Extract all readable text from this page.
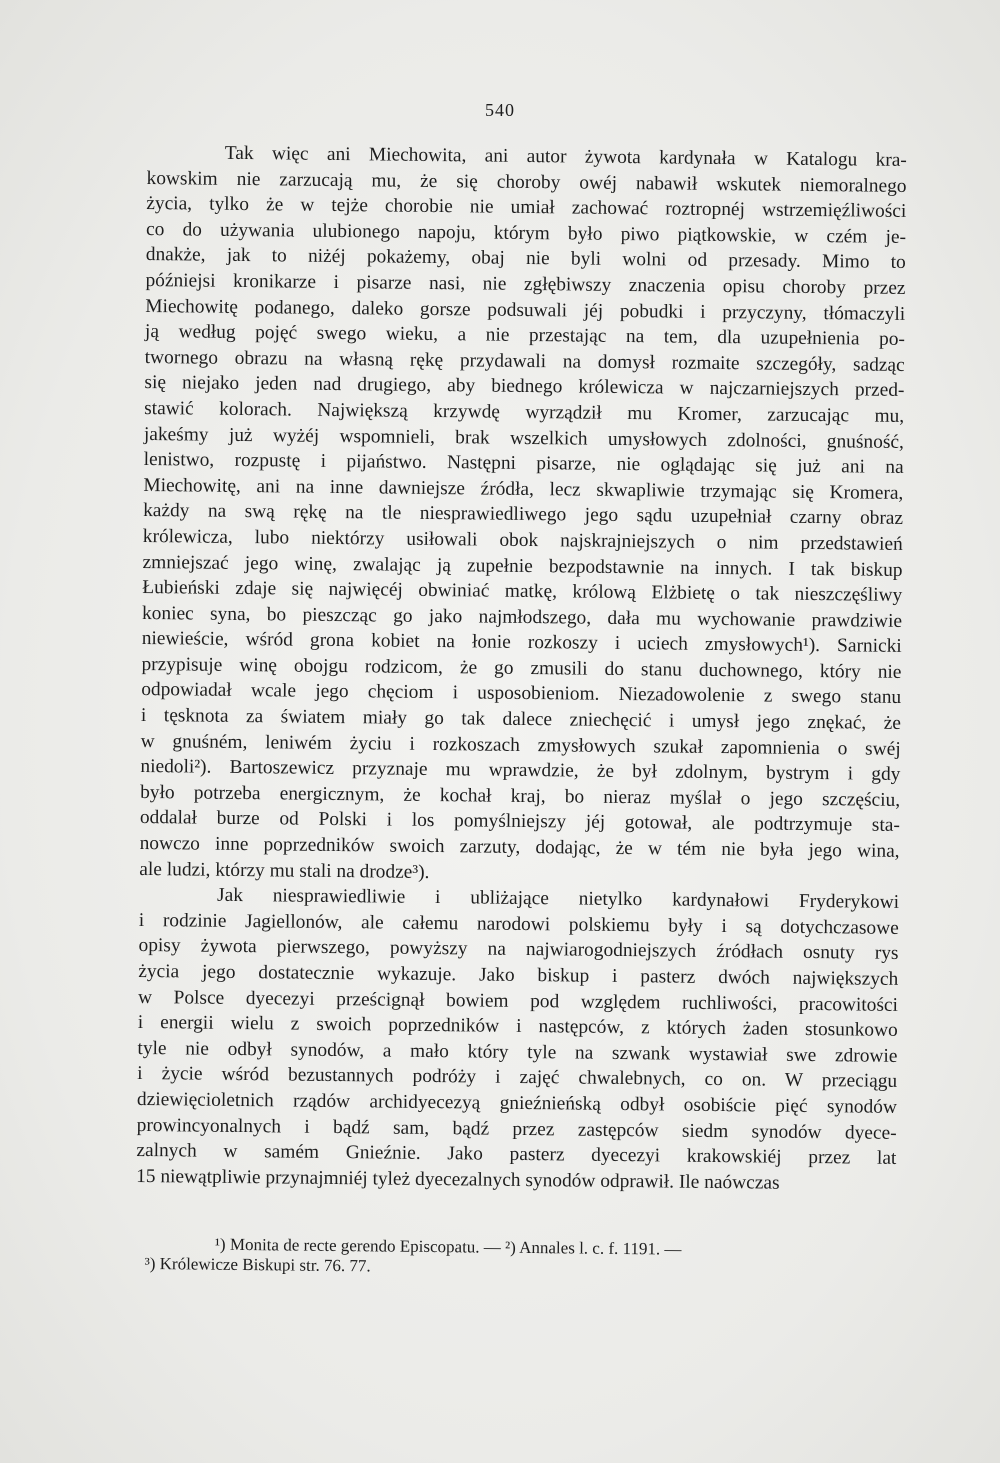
540
Tak więc ani Miechowita, ani autor żywota kardynała w Katalogu kra-
kowskim nie zarzucają mu, że się choroby owéj nabawił wskutek niemoralnego
życia, tylko że w tejże chorobie nie umiał zachować roztropnéj wstrzemięźliwości
co do używania ulubionego napoju, którym było piwo piątkowskie, w czém je-
dnakże, jak to niżéj pokażemy, obaj nie byli wolni od przesady. Mimo to
późniejsi kronikarze i pisarze nasi, nie zgłębiwszy znaczenia opisu choroby przez
Miechowitę podanego, daleko gorsze podsuwali jéj pobudki i przyczyny, tłómaczyli
ją według pojęć swego wieku, a nie przestając na tem, dla uzupełnienia po-
twornego obrazu na własną rękę przydawali na domysł rozmaite szczegóły, sadząc
się niejako jeden nad drugiego, aby biednego królewicza w najczarniejszych przed-
stawić kolorach. Największą krzywdę wyrządził mu Kromer, zarzucając mu,
jakeśmy już wyżéj wspomnieli, brak wszelkich umysłowych zdolności, gnuśność,
lenistwo, rozpustę i pijaństwo. Następni pisarze, nie oglądając się już ani na
Miechowitę, ani na inne dawniejsze źródła, lecz skwapliwie trzymając się Kromera,
każdy na swą rękę na tle niesprawiedliwego jego sądu uzupełniał czarny obraz
królewicza, lubo niektórzy usiłowali obok najskrajniejszych o nim przedstawień
zmniejszać jego winę, zwalając ją zupełnie bezpodstawnie na innych. I tak biskup
Łubieński zdaje się najwięcéj obwiniać matkę, królową Elżbietę o tak nieszczęśliwy
koniec syna, bo pieszcząc go jako najmłodszego, dała mu wychowanie prawdziwie
niewieście, wśród grona kobiet na łonie rozkoszy i uciech zmysłowych¹). Sarnicki
przypisuje winę obojgu rodzicom, że go zmusili do stanu duchownego, który nie
odpowiadał wcale jego chęciom i usposobieniom. Niezadowolenie z swego stanu
i tęsknota za światem miały go tak dalece zniechęcić i umysł jego znękać, że
w gnuśném, leniwém życiu i rozkoszach zmysłowych szukał zapomnienia o swéj
niedoli²). Bartoszewicz przyznaje mu wprawdzie, że był zdolnym, bystrym i gdy
było potrzeba energicznym, że kochał kraj, bo nieraz myślał o jego szczęściu,
oddalał burze od Polski i los pomyślniejszy jéj gotował, ale podtrzymuje sta-
nowczo inne poprzedników swoich zarzuty, dodając, że w tém nie była jego wina,
ale ludzi, którzy mu stali na drodze³).
Jak niesprawiedliwie i ubliżające nietylko kardynałowi Fryderykowi
i rodzinie Jagiellonów, ale całemu narodowi polskiemu były i są dotychczasowe
opisy żywota pierwszego, powyższy na najwiarogodniejszych źródłach osnuty rys
życia jego dostatecznie wykazuje. Jako biskup i pasterz dwóch największych
w Polsce dyecezyi prześcignął bowiem pod względem ruchliwości, pracowitości
i energii wielu z swoich poprzedników i następców, z których żaden stosunkowo
tyle nie odbył synodów, a mało który tyle na szwank wystawiał swe zdrowie
i życie wśród bezustannych podróży i zajęć chwalebnych, co on. W przeciągu
dziewięcioletnich rządów archidyecezyą gnieźnieńską odbył osobiście pięć synodów
prowincyonalnych i bądź sam, bądź przez zastępców siedm synodów dyece-
zalnych w samém Gnieźnie. Jako pasterz dyecezyi krakowskiéj przez lat
15 niewątpliwie przynajmniéj tyleż dyecezalnych synodów odprawił. Ile naówczas
¹) Monita de recte gerendo Episcopatu. — ²) Annales l. c. f. 1191. —
³) Królewicze Biskupi str. 76. 77.
